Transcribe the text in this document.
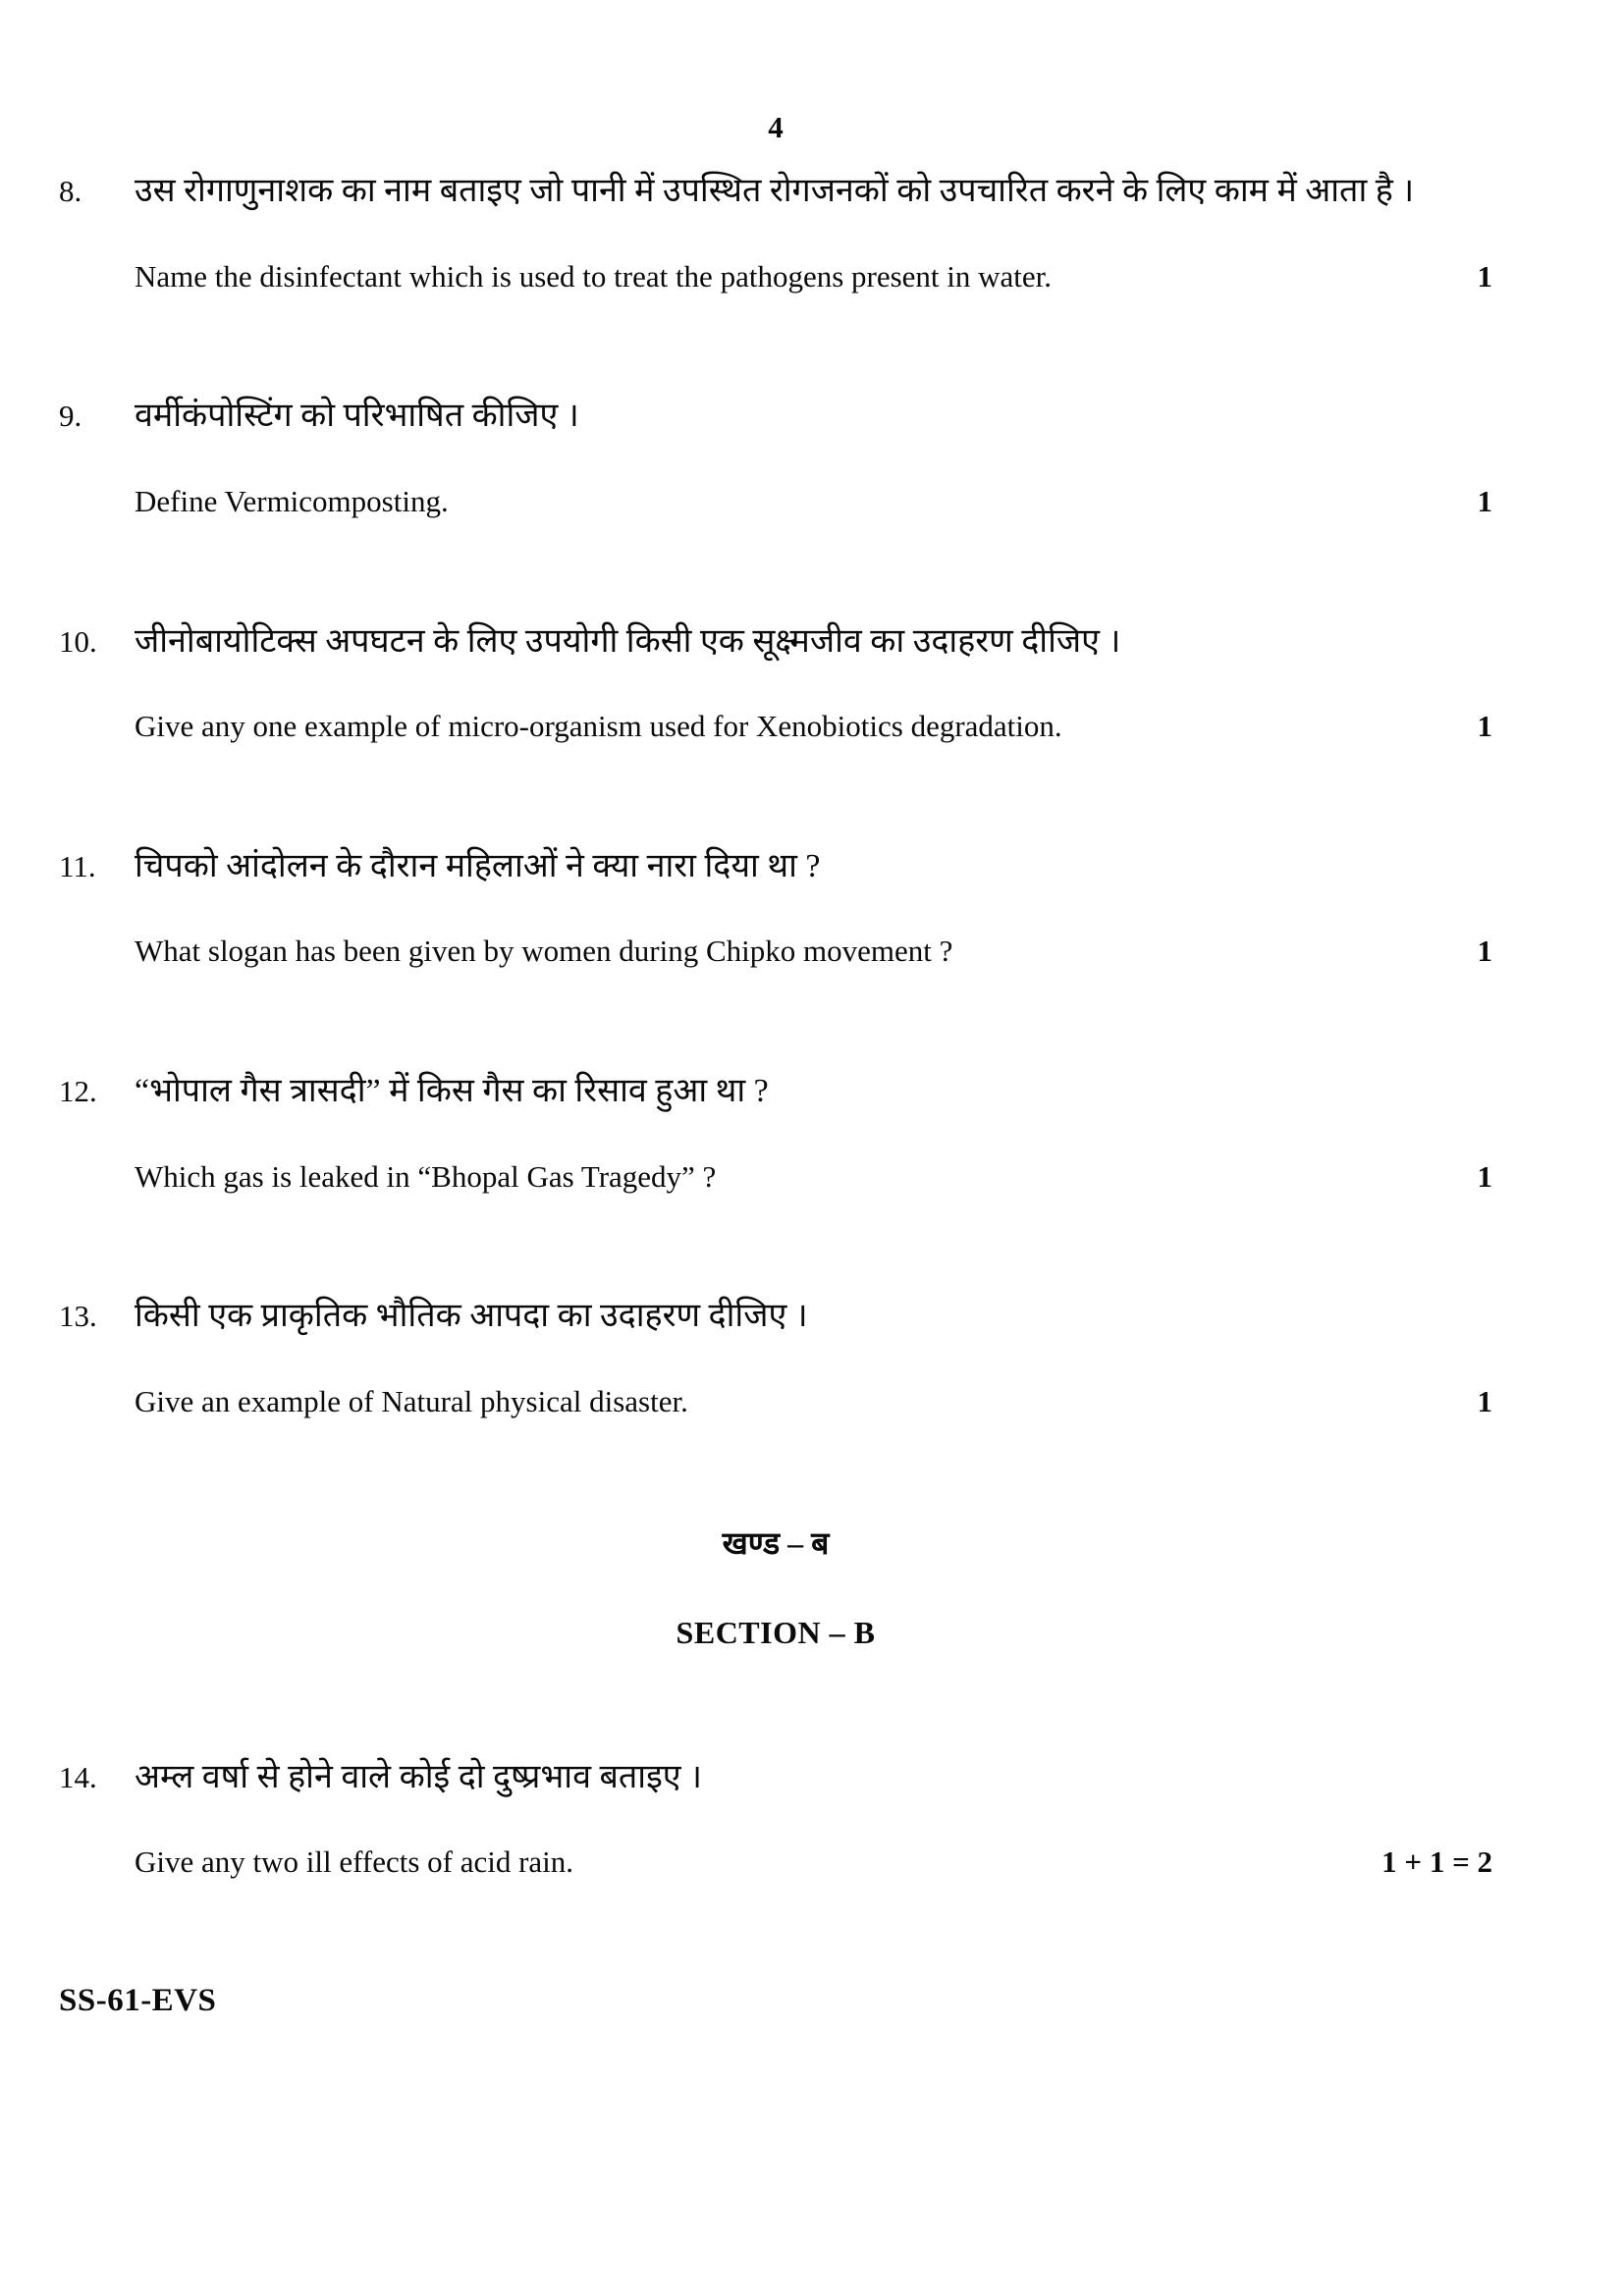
4
8.	उस रोगाणुनाशक का नाम बताइए जो पानी में उपस्थित रोगजनकों को उपचारित करने के लिए काम में आता है ।
Name the disinfectant which is used to treat the pathogens present in water.	1
9.	वर्मीकंपोस्टिंग को परिभाषित कीजिए ।
Define Vermicomposting.	1
10.	जीनोबायोटिक्स अपघटन के लिए उपयोगी किसी एक सूक्ष्मजीव का उदाहरण दीजिए ।
Give any one example of micro-organism used for Xenobiotics degradation.	1
11.	चिपको आंदोलन के दौरान महिलाओं ने क्या नारा दिया था ?
What slogan has been given by women during Chipko movement ?	1
12.	“भोपाल गैस त्रासदी” में किस गैस का रिसाव हुआ था ?
Which gas is leaked in “Bhopal Gas Tragedy” ?	1
13.	किसी एक प्राकृतिक भौतिक आपदा का उदाहरण दीजिए ।
Give an example of Natural physical disaster.	1
खण्ड – ब
SECTION – B
14.	अम्ल वर्षा से होने वाले कोई दो दुष्प्रभाव बताइए ।
Give any two ill effects of acid rain.	1 + 1 = 2
SS-61-EVS
